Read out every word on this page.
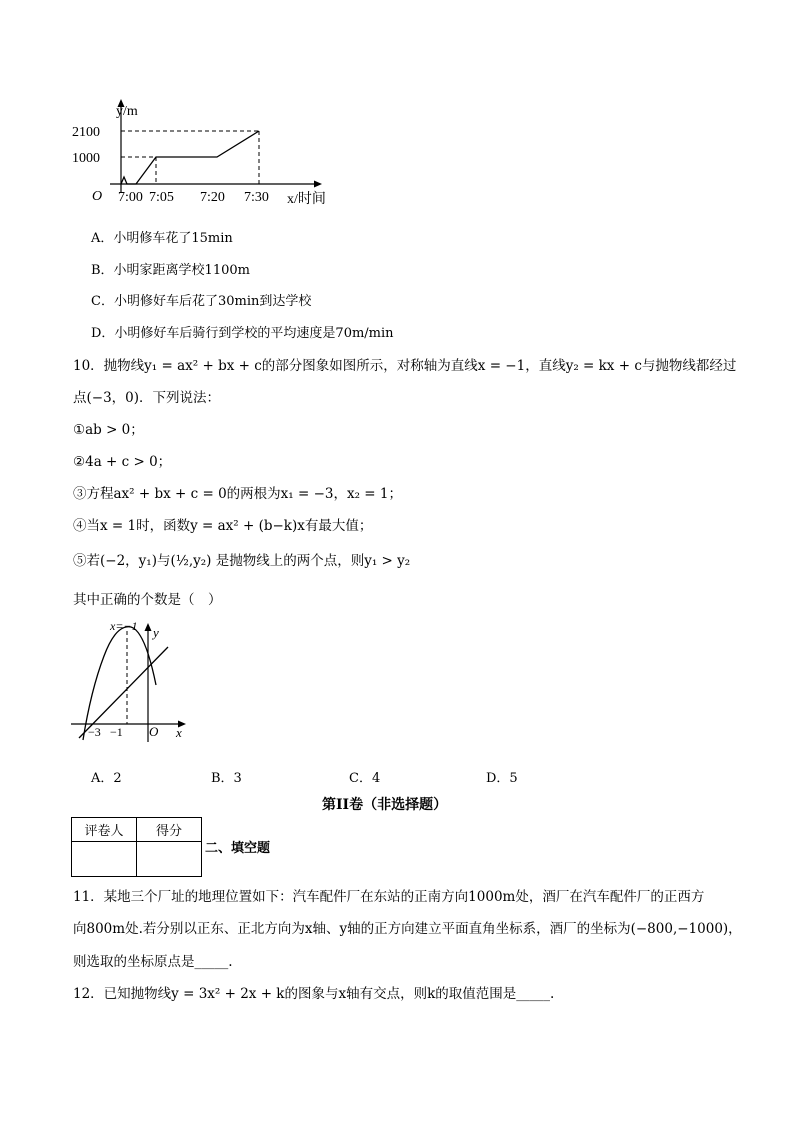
y/m
2100
1000
O 7:00 7:05 7:20 7:30 x/时间
A．小明修车花了15min
B．小明家距离学校1100m
C．小明修好车后花了30min到达学校
D．小明修好车后骑行到学校的平均速度是70m/min
10．抛物线y₁ = ax² + bx + c的部分图象如图所示，对称轴为直线x = −1，直线y₂ = kx + c与抛物线都经过
点(−3，0)．下列说法：
①ab > 0；
②4a + c > 0；
③方程ax² + bx + c = 0的两根为x₁ = −3，x₂ = 1；
④当x = 1时，函数y = ax² + (b−k)x有最大值；
⑤若(−2，y₁)与(½,y₂) 是抛物线上的两个点，则y₁ > y₂
其中正确的个数是（　）
x=−1 y
x
−3 −1 O
A．2	B．3	C．4	D．5
第II卷（非选择题）
评卷人	得分

二、填空题
11．某地三个厂址的地理位置如下：汽车配件厂在东站的正南方向1000m处，酒厂在汽车配件厂的正西方
向800m处.若分别以正东、正北方向为x轴、y轴的正方向建立平面直角坐标系，酒厂的坐标为(−800,−1000)，
则选取的坐标原点是_____.
12．已知抛物线y = 3x² + 2x + k的图象与x轴有交点，则k的取值范围是_____.
